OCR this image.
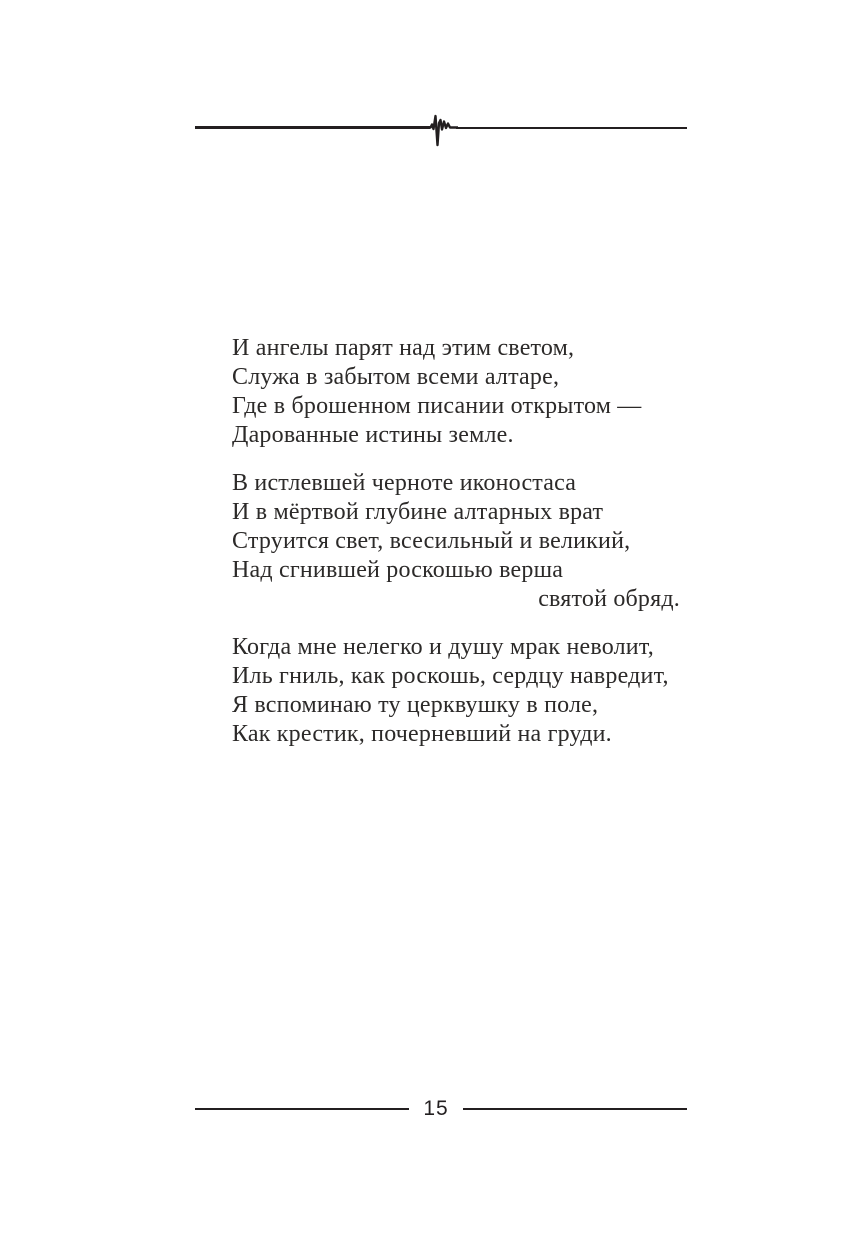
И ангелы парят над этим светом,
Служа в забытом всеми алтаре,
Где в брошенном писании открытом —
Дарованные истины земле.
В истлевшей черноте иконостаса
И в мёртвой глубине алтарных врат
Струится свет, всесильный и великий,
Над сгнившей роскошью верша
святой обряд.
Когда мне нелегко и душу мрак неволит,
Иль гниль, как роскошь, сердцу навредит,
Я вспоминаю ту церквушку в поле,
Как крестик, почерневший на груди.
15
